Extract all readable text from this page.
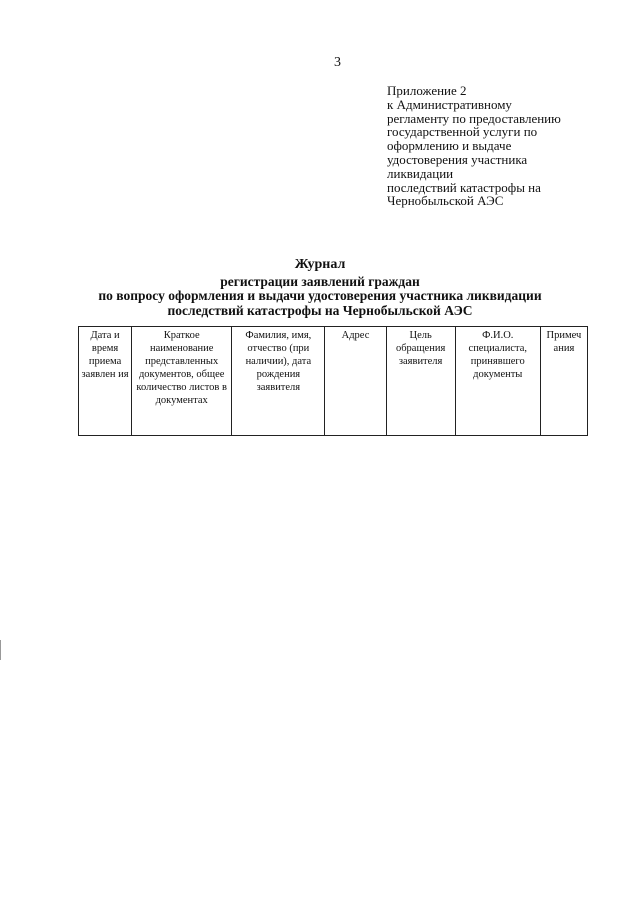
3
Приложение 2
к Административному
регламенту по предоставлению
государственной услуги по
оформлению и выдаче
удостоверения участника
ликвидации
последствий катастрофы на
Чернобыльской АЭС
Журнал
регистрации заявлений граждан
по вопросу оформления и выдачи удостоверения участника ликвидации
последствий катастрофы на Чернобыльской АЭС
Дата и время приема заявлен ия	Краткое наименование представленных документов, общее количество листов в документах	Фамилия, имя, отчество (при наличии), дата рождения заявителя	Адрес	Цель обращения заявителя	Ф.И.О. специалиста, принявшего документы	Примеч ания
